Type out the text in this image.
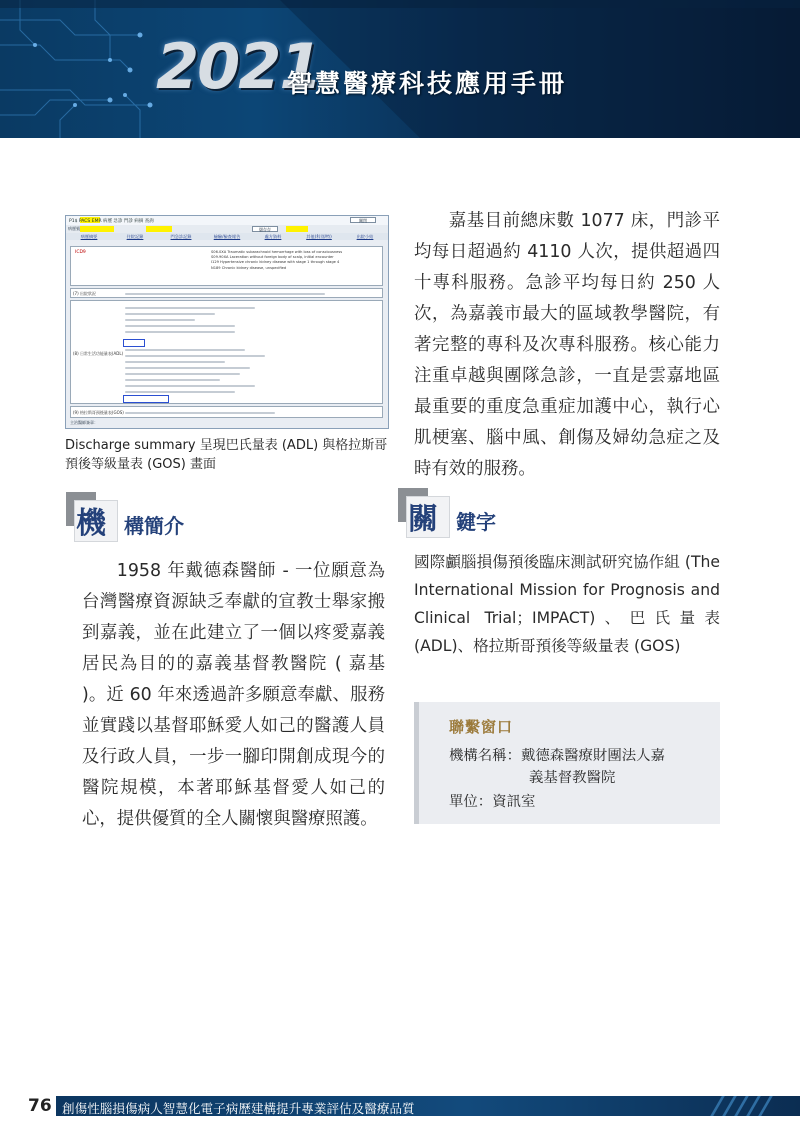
2021
智慧醫療科技應用手冊
P1$ PACS EMR 病歷 急診 門診 病摘 查詢	關閉
病歷號	儲存存
病歷摘要	住院記錄	門急診記錄	檢驗/檢查報告	處方資料	其他(科別/特)	出院小結
ICD9	S06.0XA Traumatic subarachnoid hemorrhage with loss of consciousness
S09.90XA Laceration without foreign body of scalp, initial encounter
I129 Hypertensive chronic kidney disease with stage 1 through stage 4
N189 Chronic kidney disease, unspecified
(7) 出院狀況
(8) 日常生活功能量表(ADL)
(9) 格拉斯哥預後量表(GOS)
主治醫師簽章：
Discharge summary 呈現巴氏量表 (ADL) 與格拉斯哥預後等級量表 (GOS) 畫面
嘉基目前總床數 1077 床，門診平均每日超過約 4110 人次，提供超過四十專科服務。急診平均每日約 250 人次，為嘉義市最大的區域教學醫院，有著完整的專科及次專科服務。核心能力注重卓越與團隊急診，一直是雲嘉地區最重要的重度急重症加護中心，執行心肌梗塞、腦中風、創傷及婦幼急症之及時有效的服務。
機 構簡介
1958 年戴德森醫師 - 一位願意為台灣醫療資源缺乏奉獻的宣教士舉家搬到嘉義，並在此建立了一個以疼愛嘉義居民為目的的嘉義基督教醫院 ( 嘉基 )。近 60 年來透過許多願意奉獻、服務並實踐以基督耶穌愛人如己的醫護人員及行政人員，一步一腳印開創成現今的醫院規模，本著耶穌基督愛人如己的心，提供優質的全人關懷與醫療照護。
關 鍵字
國際顱腦損傷預後臨床測試研究協作組 (The International Mission for Prognosis and Clinical Trial；IMPACT)、巴氏量表 (ADL)、格拉斯哥預後等級量表 (GOS)
聯繫窗口
機構名稱：戴德森醫療財團法人嘉
義基督教醫院
單位：資訊室
76 創傷性腦損傷病人智慧化電子病歷建構提升專業評估及醫療品質
